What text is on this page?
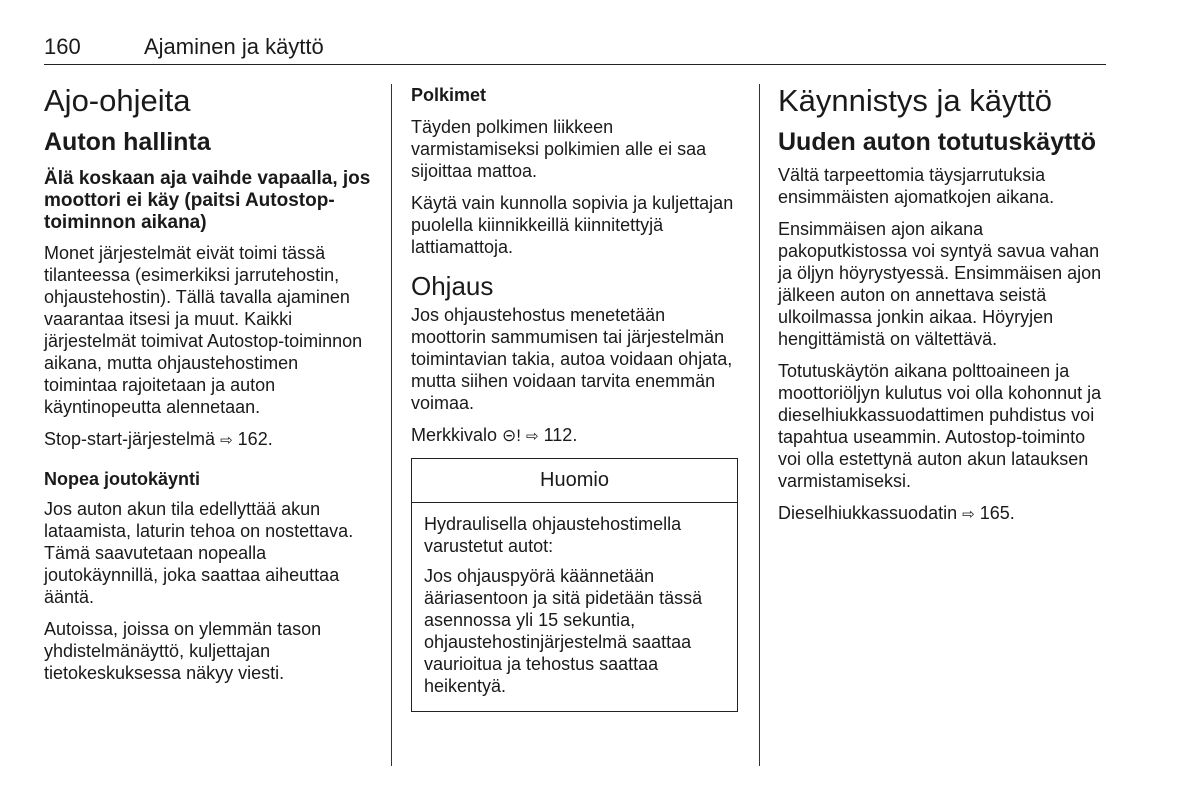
160	Ajaminen ja käyttö
Ajo-ohjeita
Auton hallinta
Älä koskaan aja vaihde vapaalla, jos moottori ei käy (paitsi Autostop-toiminnon aikana)

Monet järjestelmät eivät toimi tässä tilanteessa (esimerkiksi jarrutehostin, ohjaustehostin). Tällä tavalla ajaminen vaarantaa itsesi ja muut. Kaikki järjestelmät toimivat Autostop-toiminnon aikana, mutta ohjaustehostimen toimintaa rajoitetaan ja auton käyntinopeutta alennetaan.

Stop-start-järjestelmä ⇨ 162.

Nopea joutokäynti

Jos auton akun tila edellyttää akun lataamista, laturin tehoa on nostettava. Tämä saavutetaan nopealla joutokäynnillä, joka saattaa aiheuttaa ääntä.

Autoissa, joissa on ylemmän tason yhdistelmänäyttö, kuljettajan tietokeskuksessa näkyy viesti.

Polkimet

Täyden polkimen liikkeen varmistamiseksi polkimien alle ei saa sijoittaa mattoa.

Käytä vain kunnolla sopivia ja kuljettajan puolella kiinnikkeillä kiinnitettyjä lattiamattoja.

Ohjaus

Jos ohjaustehostus menetetään moottorin sammumisen tai järjestelmän toimintavian takia, autoa voidaan ohjata, mutta siihen voidaan tarvita enemmän voimaa.

Merkkivalo ⊝! ⇨ 112.

Huomio

Hydraulisella ohjaustehostimella varustetut autot:

Jos ohjauspyörä käännetään ääriasentoon ja sitä pidetään tässä asennossa yli 15 sekuntia, ohjaustehostinjärjestelmä saattaa vaurioitua ja tehostus saattaa heikentyä.

Käynnistys ja käyttö
Uuden auton totutuskäyttö

Vältä tarpeettomia täysjarrutuksia ensimmäisten ajomatkojen aikana.

Ensimmäisen ajon aikana pakoputkistossa voi syntyä savua vahan ja öljyn höyrystyessä. Ensimmäisen ajon jälkeen auton on annettava seistä ulkoilmassa jonkin aikaa. Höyryjen hengittämistä on vältettävä.

Totutuskäytön aikana polttoaineen ja moottoriöljyn kulutus voi olla kohonnut ja dieselhiukkassuodattimen puhdistus voi tapahtua useammin. Autostop-toiminto voi olla estettynä auton akun latauksen varmistamiseksi.

Dieselhiukkassuodatin ⇨ 165.
